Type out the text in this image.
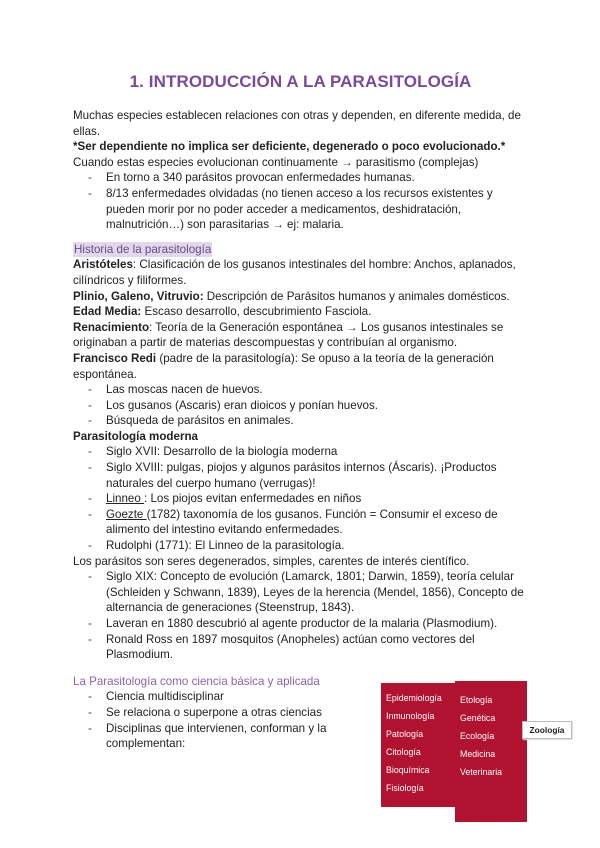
1. INTRODUCCIÓN A LA PARASITOLOGÍA

Muchas especies establecen relaciones con otras y dependen, en diferente medida, de ellas.

*Ser dependiente no implica ser deficiente, degenerado o poco evolucionado.*

Cuando estas especies evolucionan continuamente → parasitismo (complejas)

- En torno a 340 parásitos provocan enfermedades humanas.
- 8/13 enfermedades olvidadas (no tienen acceso a los recursos existentes y pueden morir por no poder acceder a medicamentos, deshidratación, malnutrición…) son parasitarias → ej: malaria.
Historia de la parasitología

Aristóteles: Clasificación de los gusanos intestinales del hombre: Anchos, aplanados, cilíndricos y filiformes.

Plinio, Galeno, Vitruvio: Descripción de Parásitos humanos y animales domésticos.

Edad Media: Escaso desarrollo, descubrimiento Fasciola.

Renacimiento: Teoría de la Generación espontánea → Los gusanos intestinales se originaban a partir de materias descompuestas y contribuían al organismo.

Francisco Redi (padre de la parasitología): Se opuso a la teoría de la generación espontánea.

- Las moscas nacen de huevos.
- Los gusanos (Ascaris) eran dioicos y ponían huevos.
- Búsqueda de parásitos en animales.

Parasitología moderna

- Siglo XVII: Desarrollo de la biología moderna
- Siglo XVIII: pulgas, piojos y algunos parásitos internos (Áscaris). ¡Productos naturales del cuerpo humano (verrugas)!
- Linneo : Los piojos evitan enfermedades en niños
- Goezte (1782) taxonomía de los gusanos. Función = Consumir el exceso de alimento del intestino evitando enfermedades.
- Rudolphi (1771): El Linneo de la parasitología.

Los parásitos son seres degenerados, simples, carentes de interés científico.

- Siglo XIX: Concepto de evolución (Lamarck, 1801; Darwin, 1859), teoría celular (Schleiden y Schwann, 1839), Leyes de la herencia (Mendel, 1856), Concepto de alternancia de generaciones (Steenstrup, 1843).
- Laveran en 1880 descubrió al agente productor de la malaria (Plasmodium).
- Ronald Ross en 1897 mosquitos (Anopheles) actúan como vectores del Plasmodium.

La Parasitología como ciencia básica y aplicada

- Ciencia multidisciplinar
- Se relaciona o superpone a otras ciencias
- Disciplinas que intervienen, conforman y la complementan:
Epidemiología
Inmunología
Patología
Citología
Bioquímica
Fisiología
Etología
Genética
Ecología
Medicina
Veterinaria
Zoología
